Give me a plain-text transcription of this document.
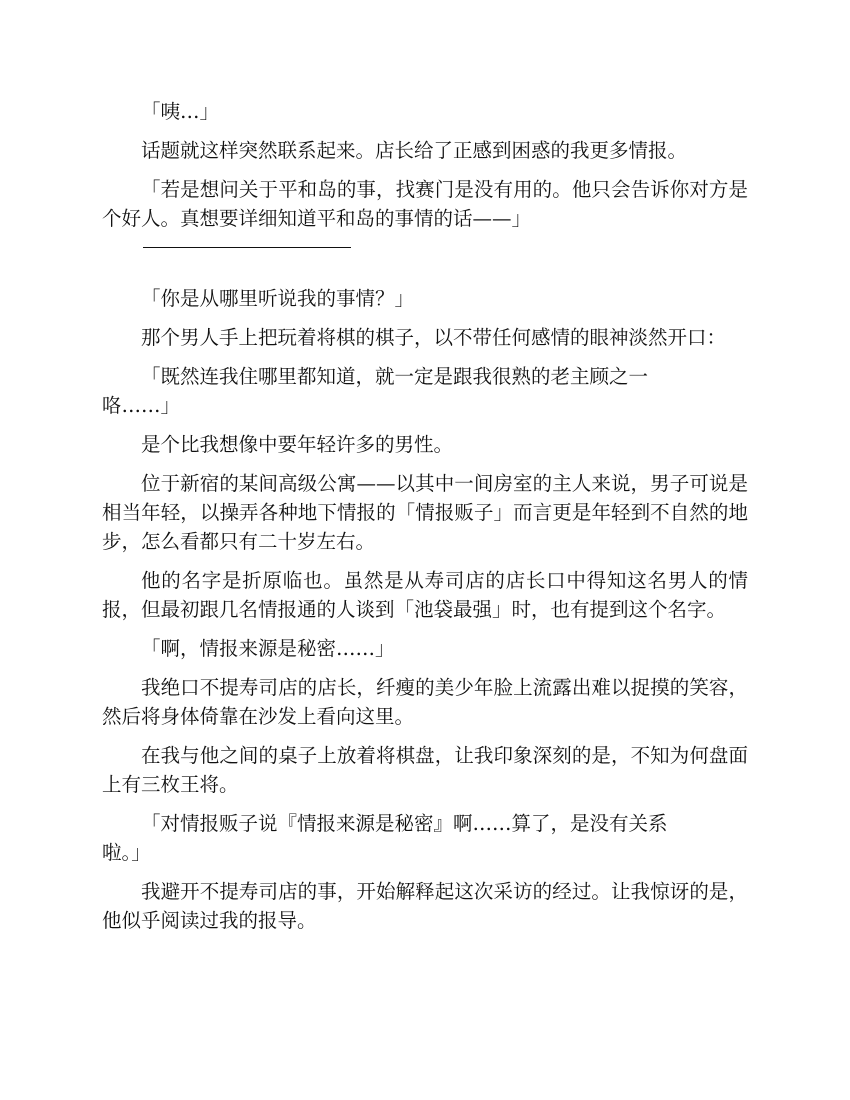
「咦…」

话题就这样突然联系起来。店长给了正感到困惑的我更多情报。

「若是想问关于平和岛的事，找赛门是没有用的。他只会告诉你对方是个好人。真想要详细知道平和岛的事情的话——」

「你是从哪里听说我的事情？」

那个男人手上把玩着将棋的棋子，以不带任何感情的眼神淡然开口：

「既然连我住哪里都知道，就一定是跟我很熟的老主顾之一
咯……」

是个比我想像中要年轻许多的男性。

位于新宿的某间高级公寓——以其中一间房室的主人来说，男子可说是相当年轻，以操弄各种地下情报的「情报贩子」而言更是年轻到不自然的地步，怎么看都只有二十岁左右。

他的名字是折原临也。虽然是从寿司店的店长口中得知这名男人的情报，但最初跟几名情报通的人谈到「池袋最强」时，也有提到这个名字。

「啊，情报来源是秘密……」

我绝口不提寿司店的店长，纤瘦的美少年脸上流露出难以捉摸的笑容，然后将身体倚靠在沙发上看向这里。

在我与他之间的桌子上放着将棋盘，让我印象深刻的是，不知为何盘面上有三枚王将。

「对情报贩子说『情报来源是秘密』啊……算了，是没有关系
啦。」

我避开不提寿司店的事，开始解释起这次采访的经过。让我惊讶的是，他似乎阅读过我的报导。
